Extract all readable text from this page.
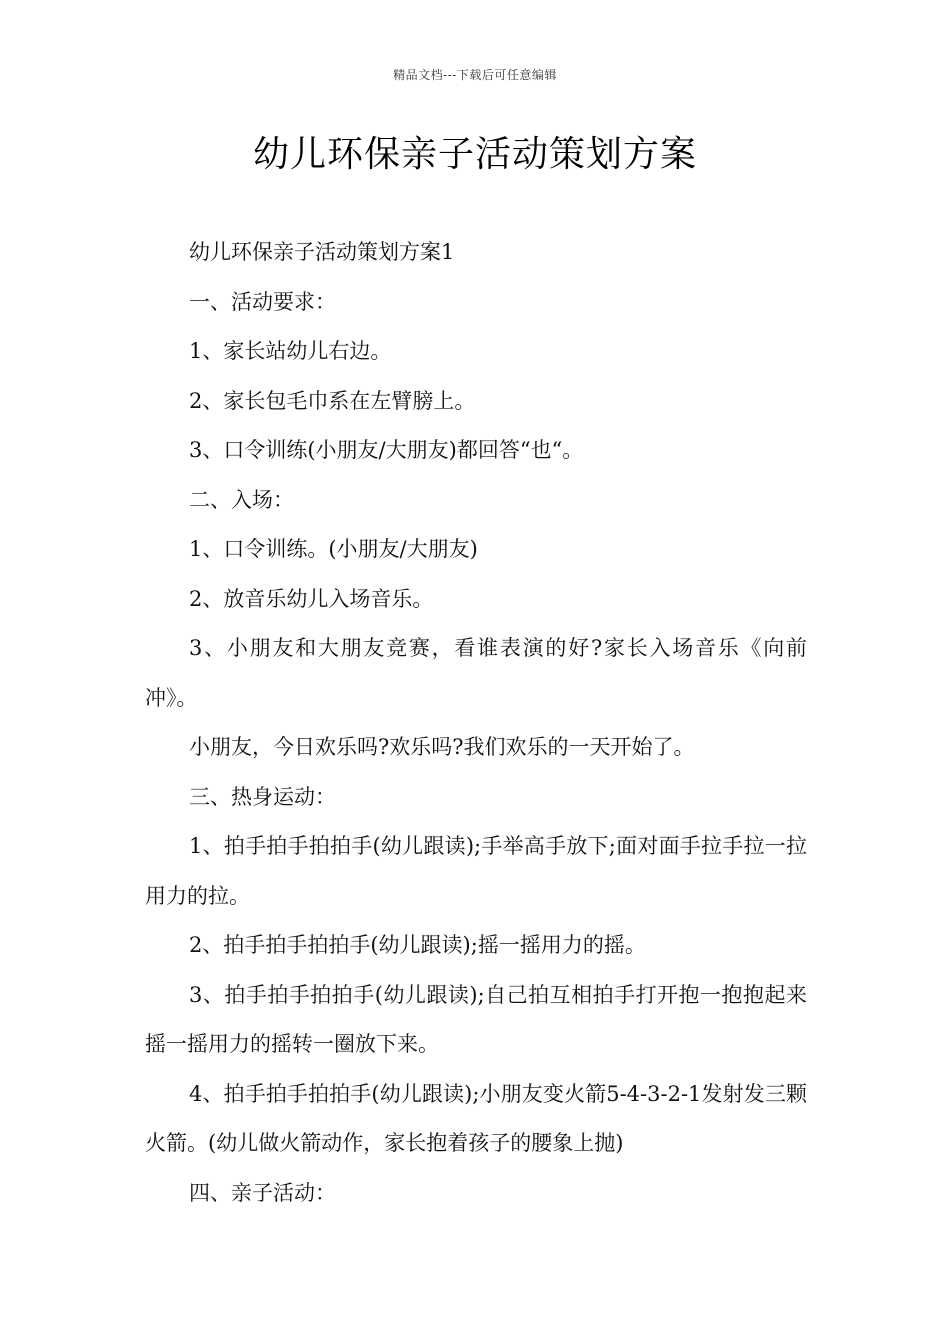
精品文档---下载后可任意编辑
幼儿环保亲子活动策划方案

幼儿环保亲子活动策划方案1

一、活动要求：

1、家长站幼儿右边。

2、家长包毛巾系在左臂膀上。

3、口令训练(小朋友/大朋友)都回答“也“。

二、入场：

1、口令训练。(小朋友/大朋友)

2、放音乐幼儿入场音乐。

3、小朋友和大朋友竞赛，看谁表演的好?家长入场音乐《向前冲》。

小朋友，今日欢乐吗?欢乐吗?我们欢乐的一天开始了。

三、热身运动：

1、拍手拍手拍拍手(幼儿跟读);手举高手放下;面对面手拉手拉一拉用力的拉。

2、拍手拍手拍拍手(幼儿跟读);摇一摇用力的摇。

3、拍手拍手拍拍手(幼儿跟读);自己拍互相拍手打开抱一抱抱起来摇一摇用力的摇转一圈放下来。

4、拍手拍手拍拍手(幼儿跟读);小朋友变火箭5-4-3-2-1发射发三颗火箭。(幼儿做火箭动作，家长抱着孩子的腰象上抛)

四、亲子活动：
